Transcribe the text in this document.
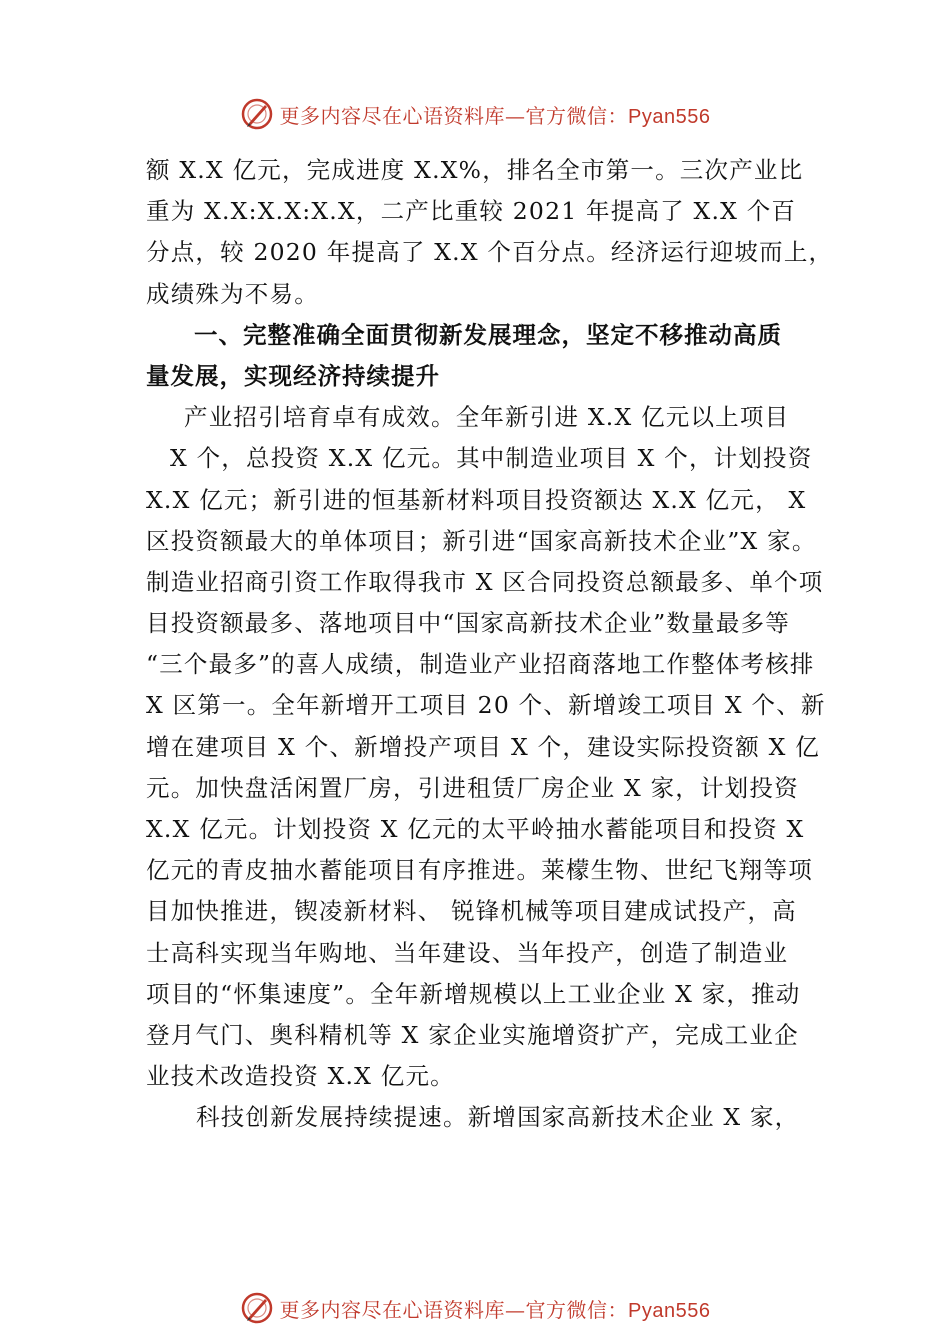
更多内容尽在心语资料库—官方微信：Pyan556
额 X.X 亿元，完成进度 X.X%，排名全市第一。三次产业比
重为 X.X:X.X:X.X，二产比重较 2021 年提高了 X.X 个百
分点，较 2020 年提高了 X.X 个百分点。经济运行迎坡而上，
成绩殊为不易。
一、完整准确全面贯彻新发展理念，坚定不移推动高质
量发展，实现经济持续提升
产业招引培育卓有成效。全年新引进 X.X 亿元以上项目
X 个，总投资 X.X 亿元。其中制造业项目 X 个，计划投资
X.X 亿元；新引进的恒基新材料项目投资额达 X.X 亿元， X
区投资额最大的单体项目；新引进“国家高新技术企业”X 家。
制造业招商引资工作取得我市 X 区合同投资总额最多、单个项
目投资额最多、落地项目中“国家高新技术企业”数量最多等
“三个最多”的喜人成绩，制造业产业招商落地工作整体考核排
X 区第一。全年新增开工项目 20 个、新增竣工项目 X 个、新
增在建项目 X 个、新增投产项目 X 个，建设实际投资额 X 亿
元。加快盘活闲置厂房，引进租赁厂房企业 X 家，计划投资
X.X 亿元。计划投资 X 亿元的太平岭抽水蓄能项目和投资 X
亿元的青皮抽水蓄能项目有序推进。莱檬生物、世纪飞翔等项
目加快推进，锲凌新材料、 锐锋机械等项目建成试投产，高
士高科实现当年购地、当年建设、当年投产，创造了制造业
项目的“怀集速度”。全年新增规模以上工业企业 X 家，推动
登月气门、奥科精机等 X 家企业实施增资扩产，完成工业企
业技术改造投资 X.X 亿元。
科技创新发展持续提速。新增国家高新技术企业 X 家，
更多内容尽在心语资料库—官方微信：Pyan556
